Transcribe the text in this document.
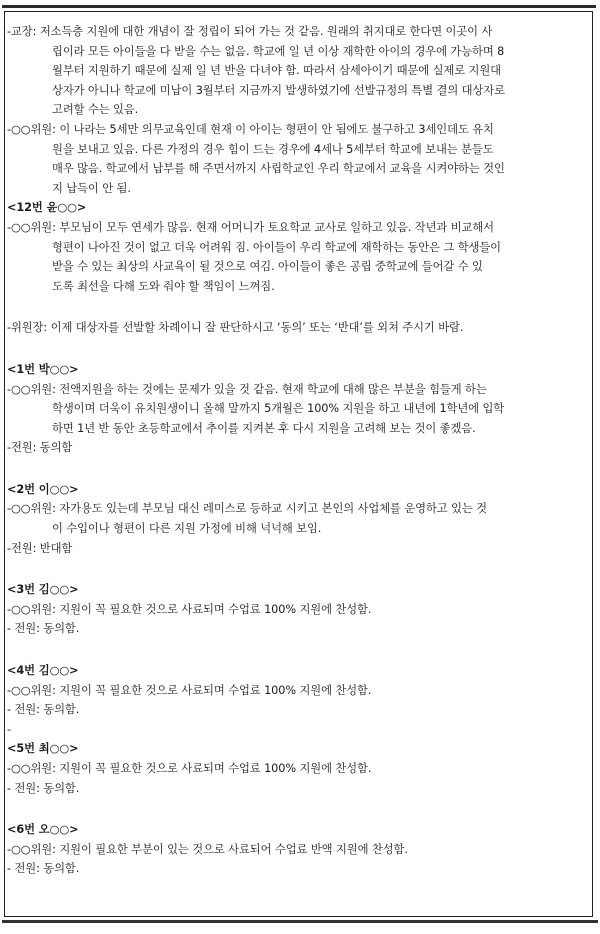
-교장: 저소득층 지원에 대한 개념이 잘 정립이 되어 가는 것 같음. 원래의 취지대로 한다면 이곳이 사
립이라 모든 아이들을 다 받을 수는 없음. 학교에 일 년 이상 재학한 아이의 경우에 가능하며 8
월부터 지원하기 때문에 실제 일 년 반을 다녀야 함. 따라서 삼세아이기 때문에 실제로 지원대
상자가 아니나 학교에 미납이 3월부터 지금까지 발생하였기에 선발규정의 특별 결의 대상자로
고려할 수는 있음.
-○○위원: 이 나라는 5세만 의무교육인데 현재 이 아이는 형편이 안 됨에도 불구하고 3세인데도 유치
원을 보내고 있음. 다른 가정의 경우 힘이 드는 경우에 4세나 5세부터 학교에 보내는 분들도
매우 많음. 학교에서 납부를 해 주면서까지 사립학교인 우리 학교에서 교육을 시켜야하는 것인
지 납득이 안 됨.
<12번 윤○○>
-○○위원: 부모님이 모두 연세가 많음. 현재 어머니가 토요학교 교사로 일하고 있음. 작년과 비교해서
형편이 나아진 것이 없고 더욱 어려워 짐. 아이들이 우리 학교에 재학하는 동안은 그 학생들이
받을 수 있는 최상의 사교육이 될 것으로 여김. 아이들이 좋은 공립 중학교에 들어갈 수 있
도록 최선을 다해 도와 줘야 할 책임이 느껴짐.
-위원장: 이제 대상자를 선발할 차례이니 잘 판단하시고 ‘동의’ 또는 ‘반대’를 외쳐 주시기 바람.
<1번 박○○>
-○○위원: 전액지원을 하는 것에는 문제가 있을 것 같음. 현재 학교에 대해 많은 부분을 힘들게 하는
학생이며 더욱이 유치원생이니 올해 말까지 5개월은 100% 지원을 하고 내년에 1학년에 입학
하면 1년 반 동안 초등학교에서 추이를 지켜본 후 다시 지원을 고려해 보는 것이 좋겠음.
-전원: 동의함
<2번 이○○>
-○○위원: 자가용도 있는데 부모님 대신 레미스로 등하교 시키고 본인의 사업체를 운영하고 있는 것
이 수입이나 형편이 다른 지원 가정에 비해 넉넉해 보임.
-전원: 반대함
<3번 김○○>
-○○위원: 지원이 꼭 필요한 것으로 사료되며 수업료 100% 지원에 찬성함.
- 전원: 동의함.
<4번 김○○>
-○○위원: 지원이 꼭 필요한 것으로 사료되며 수업료 100% 지원에 찬성함.
- 전원: 동의함.
-
<5번 최○○>
-○○위원: 지원이 꼭 필요한 것으로 사료되며 수업료 100% 지원에 찬성함.
- 전원: 동의함.
<6번 오○○>
-○○위원: 지원이 필요한 부분이 있는 것으로 사료되어 수업료 반액 지원에 찬성함.
- 전원: 동의함.
